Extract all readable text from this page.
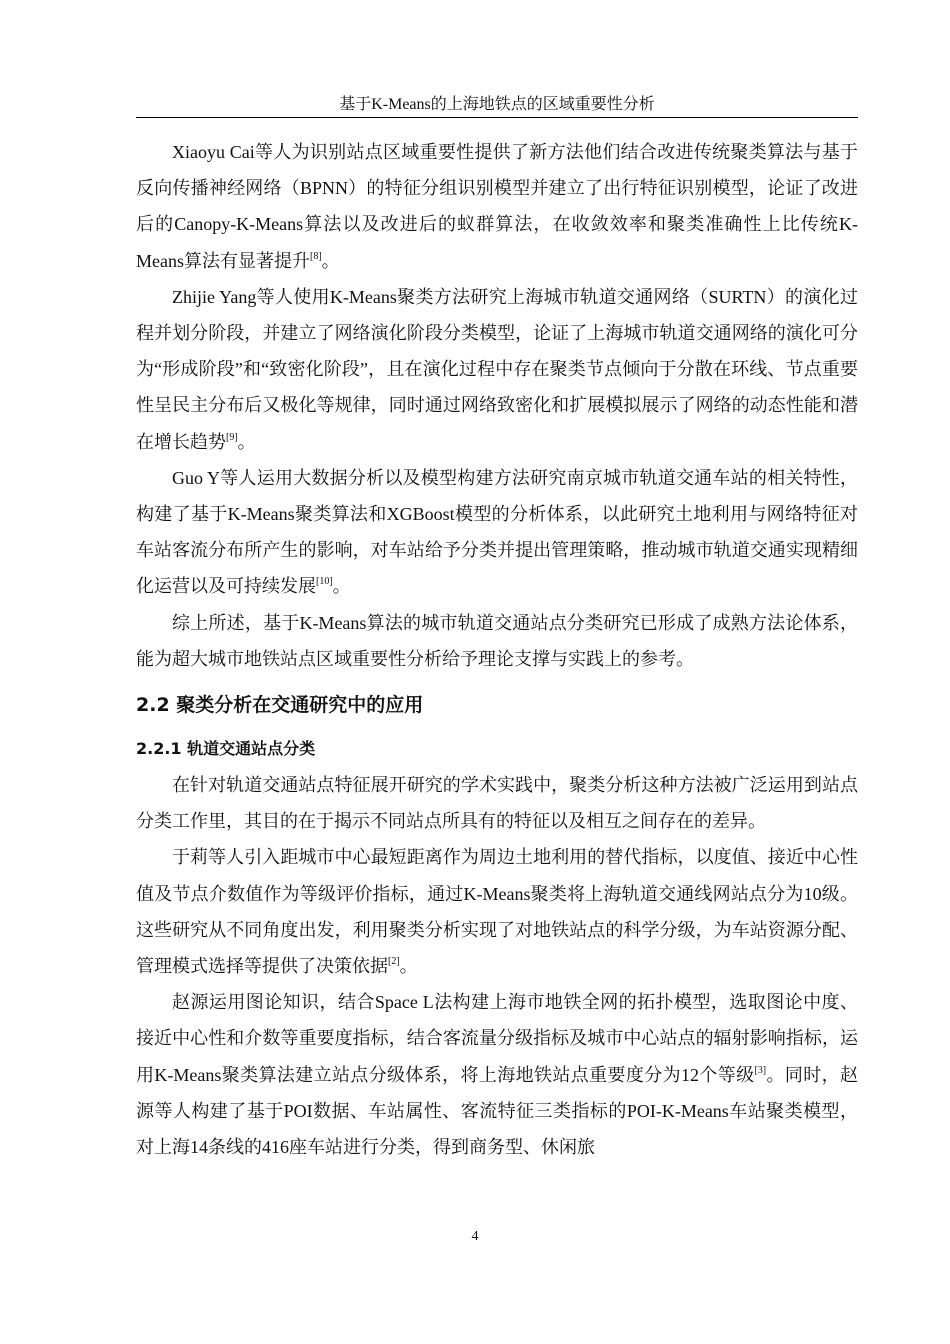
基于K-Means的上海地铁点的区域重要性分析

Xiaoyu Cai等人为识别站点区域重要性提供了新方法他们结合改进传统聚类算法与基于反向传播神经网络（BPNN）的特征分组识别模型并建立了出行特征识别模型，论证了改进后的Canopy-K-Means算法以及改进后的蚁群算法，在收敛效率和聚类准确性上比传统K-Means算法有显著提升[8]。

Zhijie Yang等人使用K-Means聚类方法研究上海城市轨道交通网络（SURTN）的演化过程并划分阶段，并建立了网络演化阶段分类模型，论证了上海城市轨道交通网络的演化可分为“形成阶段”和“致密化阶段”，且在演化过程中存在聚类节点倾向于分散在环线、节点重要性呈民主分布后又极化等规律，同时通过网络致密化和扩展模拟展示了网络的动态性能和潜在增长趋势[9]。

Guo Y等人运用大数据分析以及模型构建方法研究南京城市轨道交通车站的相关特性，构建了基于K-Means聚类算法和XGBoost模型的分析体系，以此研究土地利用与网络特征对车站客流分布所产生的影响，对车站给予分类并提出管理策略，推动城市轨道交通实现精细化运营以及可持续发展[10]。

综上所述，基于K-Means算法的城市轨道交通站点分类研究已形成了成熟方法论体系，能为超大城市地铁站点区域重要性分析给予理论支撑与实践上的参考。

2.2 聚类分析在交通研究中的应用
2.2.1 轨道交通站点分类

在针对轨道交通站点特征展开研究的学术实践中，聚类分析这种方法被广泛运用到站点分类工作里，其目的在于揭示不同站点所具有的特征以及相互之间存在的差异。

于莉等人引入距城市中心最短距离作为周边土地利用的替代指标，以度值、接近中心性值及节点介数值作为等级评价指标，通过K-Means聚类将上海轨道交通线网站点分为10级。这些研究从不同角度出发，利用聚类分析实现了对地铁站点的科学分级，为车站资源分配、管理模式选择等提供了决策依据[2]。

赵源运用图论知识，结合Space L法构建上海市地铁全网的拓扑模型，选取图论中度、接近中心性和介数等重要度指标，结合客流量分级指标及城市中心站点的辐射影响指标，运用K-Means聚类算法建立站点分级体系，将上海地铁站点重要度分为12个等级[3]。同时，赵源等人构建了基于POI数据、车站属性、客流特征三类指标的POI-K-Means车站聚类模型，对上海14条线的416座车站进行分类，得到商务型、休闲旅

4
